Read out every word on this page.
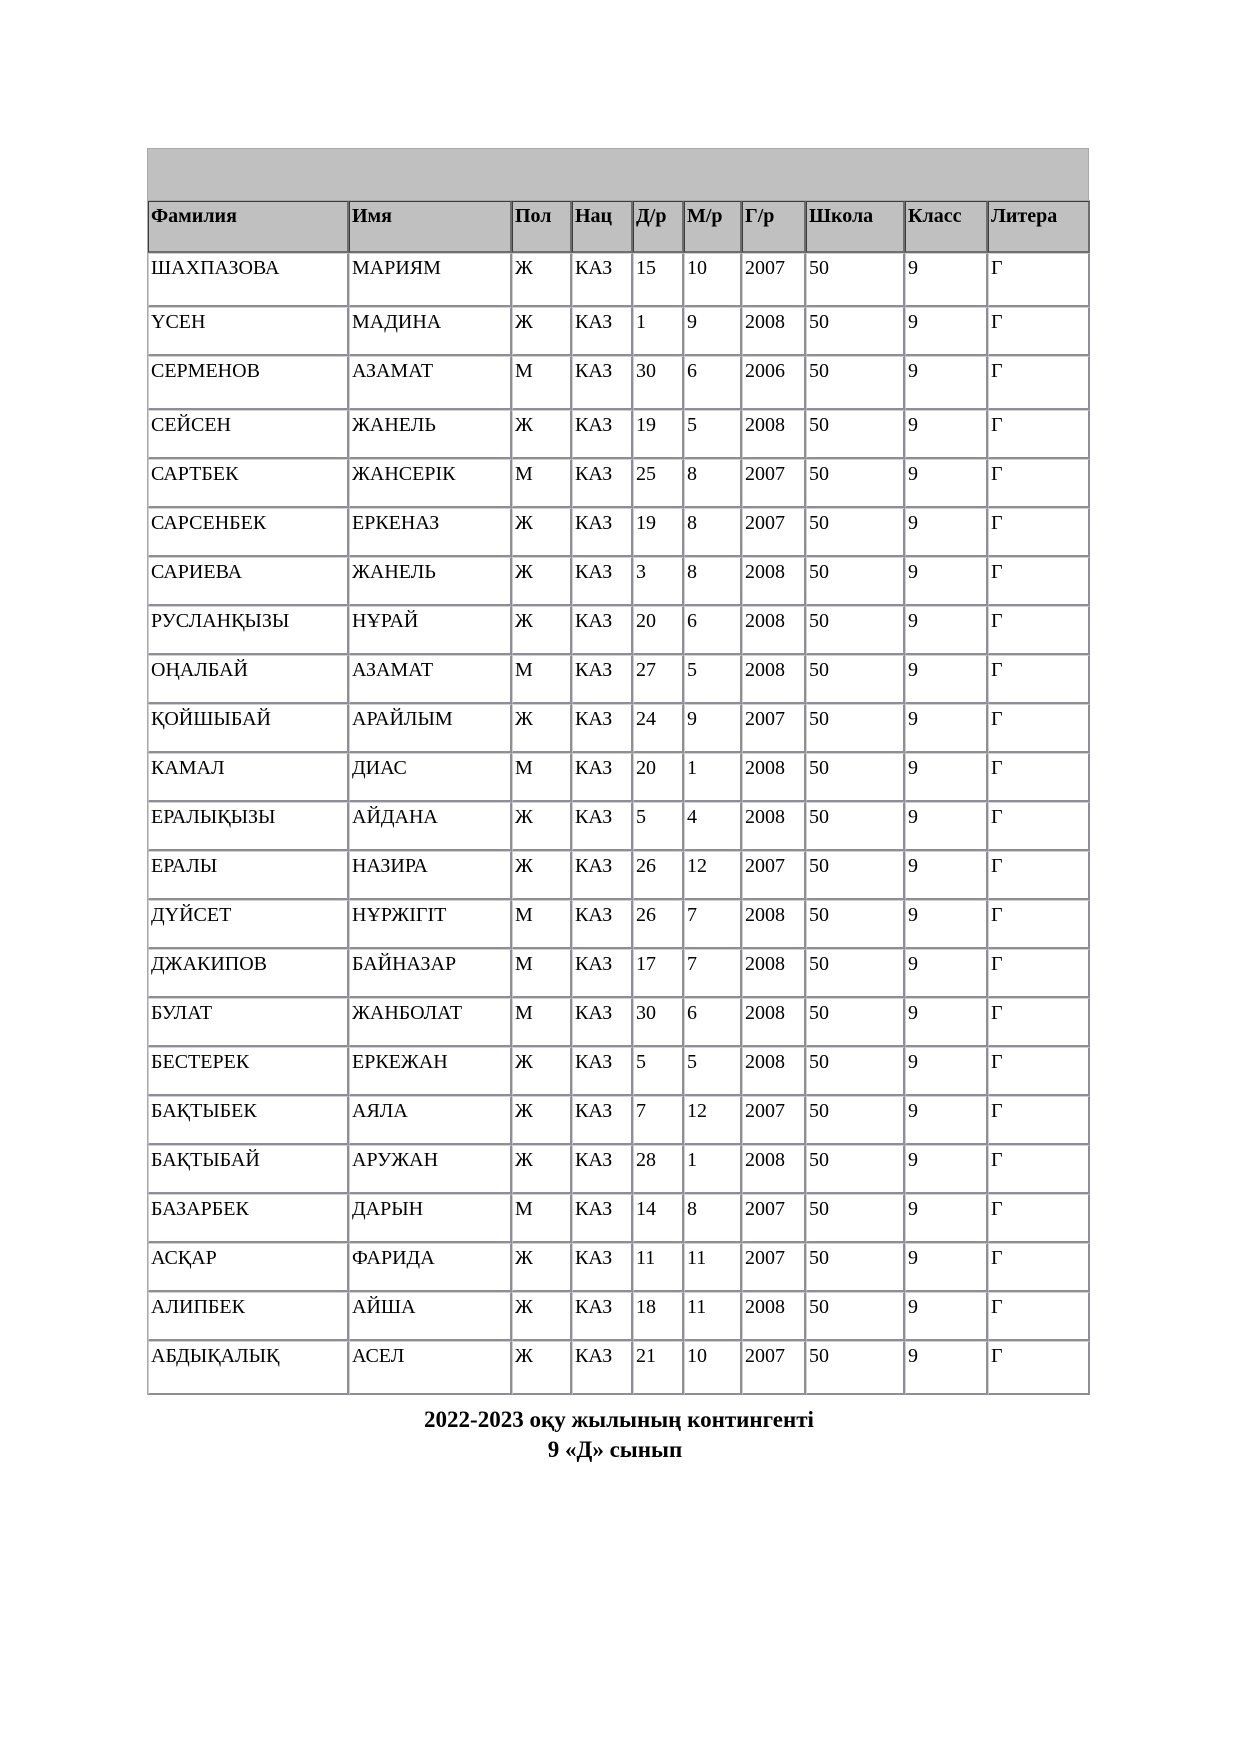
Фамилия	Имя	Пол	Нац	Д/р	М/р	Г/р	Школа	Класс	Литера
ШАХПАЗОВА	МАРИЯМ	Ж	КАЗ	15	10	2007	50	9	Г
ҮСЕН	МАДИНА	Ж	КАЗ	1	9	2008	50	9	Г
СЕРМЕНОВ	АЗАМАТ	М	КАЗ	30	6	2006	50	9	Г
СЕЙСЕН	ЖАНЕЛЬ	Ж	КАЗ	19	5	2008	50	9	Г
САРТБЕК	ЖАНСЕРІК	М	КАЗ	25	8	2007	50	9	Г
САРСЕНБЕК	ЕРКЕНАЗ	Ж	КАЗ	19	8	2007	50	9	Г
САРИЕВА	ЖАНЕЛЬ	Ж	КАЗ	3	8	2008	50	9	Г
РУСЛАНҚЫЗЫ	НҰРАЙ	Ж	КАЗ	20	6	2008	50	9	Г
ОҢАЛБАЙ	АЗАМАТ	М	КАЗ	27	5	2008	50	9	Г
ҚОЙШЫБАЙ	АРАЙЛЫМ	Ж	КАЗ	24	9	2007	50	9	Г
КАМАЛ	ДИАС	М	КАЗ	20	1	2008	50	9	Г
ЕРАЛЫҚЫЗЫ	АЙДАНА	Ж	КАЗ	5	4	2008	50	9	Г
ЕРАЛЫ	НАЗИРА	Ж	КАЗ	26	12	2007	50	9	Г
ДҮЙСЕТ	НҰРЖІГІТ	М	КАЗ	26	7	2008	50	9	Г
ДЖАКИПОВ	БАЙНАЗАР	М	КАЗ	17	7	2008	50	9	Г
БУЛАТ	ЖАНБОЛАТ	М	КАЗ	30	6	2008	50	9	Г
БЕСТЕРЕК	ЕРКЕЖАН	Ж	КАЗ	5	5	2008	50	9	Г
БАҚТЫБЕК	АЯЛА	Ж	КАЗ	7	12	2007	50	9	Г
БАҚТЫБАЙ	АРУЖАН	Ж	КАЗ	28	1	2008	50	9	Г
БАЗАРБЕК	ДАРЫН	М	КАЗ	14	8	2007	50	9	Г
АСҚАР	ФАРИДА	Ж	КАЗ	11	11	2007	50	9	Г
АЛИПБЕК	АЙША	Ж	КАЗ	18	11	2008	50	9	Г
АБДЫҚАЛЫҚ	АСЕЛ	Ж	КАЗ	21	10	2007	50	9	Г
2022-2023 оқу жылының контингенті
9 «Д» сынып
